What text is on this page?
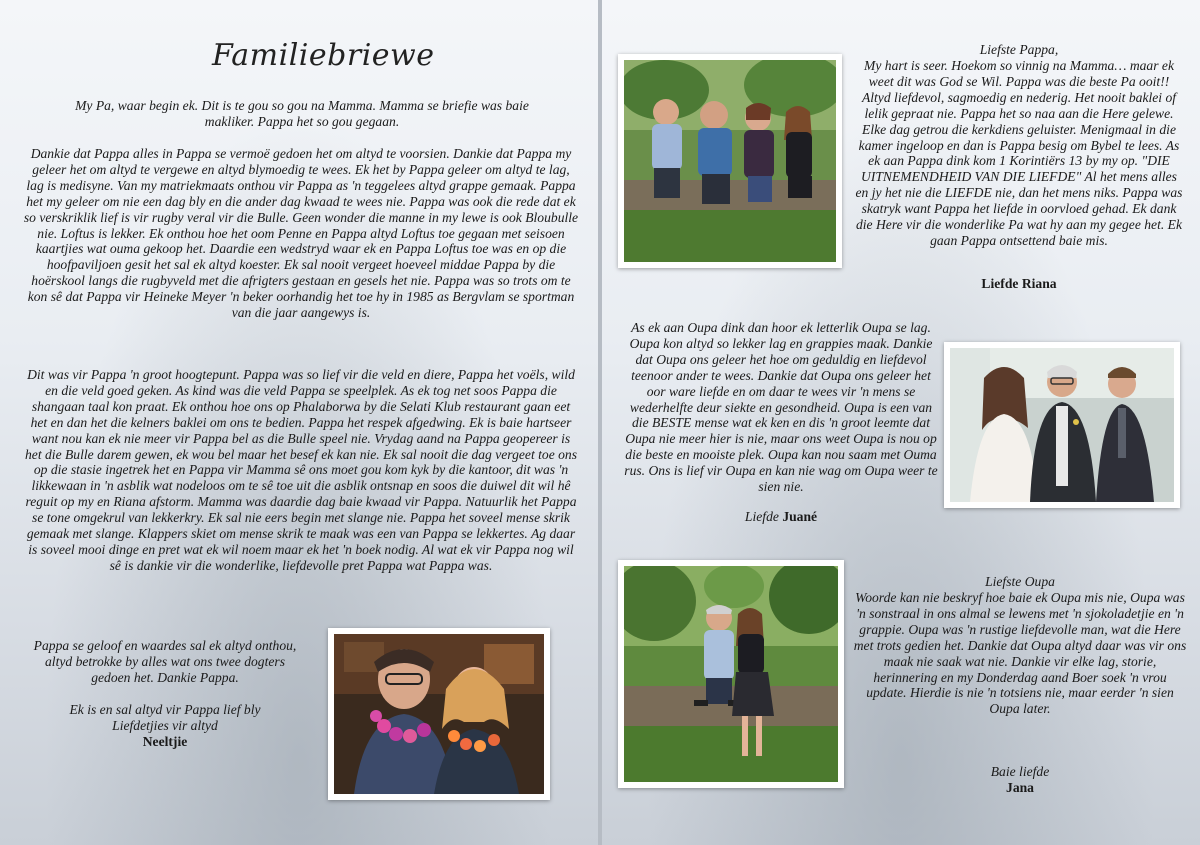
Familiebriewe

My Pa, waar begin ek. Dit is te gou so gou na Mamma. Mamma se briefie was baie makliker. Pappa het so gou gegaan.

Dankie dat Pappa alles in Pappa se vermoë gedoen het om altyd te voorsien. Dankie dat Pappa my geleer het om altyd te vergewe en altyd blymoedig te wees. Ek het by Pappa geleer om altyd te lag, lag is medisyne. Van my matriekmaats onthou vir Pappa as 'n teggelees altyd grappe gemaak. Pappa het my geleer om nie een dag bly en die ander dag kwaad te wees nie. Pappa was ook die rede dat ek so verskriklik lief is vir rugby veral vir die Bulle. Geen wonder die manne in my lewe is ook Bloubulle nie. Loftus is lekker. Ek onthou hoe het oom Penne en Pappa altyd Loftus toe gegaan met seisoen kaartjies wat ouma gekoop het. Daardie een wedstryd waar ek en Pappa Loftus toe was en op die hoofpaviljoen gesit het sal ek altyd koester. Ek sal nooit vergeet hoeveel middae Pappa by die hoërskool langs die rugbyveld met die afrigters gestaan en gesels het nie. Pappa was so trots om te kon sê dat Pappa vir Heineke Meyer 'n beker oorhandig het toe hy in 1985 as Bergvlam se sportman van die jaar aangewys is.

Dit was vir Pappa 'n groot hoogtepunt. Pappa was so lief vir die veld en diere, Pappa het voëls, wild en die veld goed geken. As kind was die veld Pappa se speelplek. As ek tog net soos Pappa die shangaan taal kon praat. Ek onthou hoe ons op Phalaborwa by die Selati Klub restaurant gaan eet het en dan het die kelners baklei om ons te bedien. Pappa het respek afgedwing. Ek is baie hartseer want nou kan ek nie meer vir Pappa bel as die Bulle speel nie. Vrydag aand na Pappa geopereer is het die Bulle darem gewen, ek wou bel maar het besef ek kan nie. Ek sal nooit die dag vergeet toe ons op die stasie ingetrek het en Pappa vir Mamma sê ons moet gou kom kyk by die kantoor, dit was 'n likkewaan in 'n asblik wat nodeloos om te sê toe uit die asblik ontsnap en soos die duiwel dit wil hê reguit op my en Riana afstorm. Mamma was daardie dag baie kwaad vir Pappa. Natuurlik het Pappa se tone omgekrul van lekkerkry. Ek sal nie eers begin met slange nie. Pappa het soveel mense skrik gemaak met slange. Klappers skiet om mense skrik te maak was een van Pappa se lekkertes. Ag daar is soveel mooi dinge en pret wat ek wil noem maar ek het 'n boek nodig. Al wat ek vir Pappa nog wil sê is dankie vir die wonderlike, liefdevolle pret Pappa wat Pappa was.

Pappa se geloof en waardes sal ek altyd onthou, altyd betrokke by alles wat ons twee dogters gedoen het. Dankie Pappa.

Ek is en sal altyd vir Pappa lief bly Liefdetjies vir altyd

Neeltjie

Liefste Pappa,

My hart is seer. Hoekom so vinnig na Mamma… maar ek weet dit was God se Wil. Pappa was die beste Pa ooit!! Altyd liefdevol, sagmoedig en nederig. Het nooit baklei of lelik gepraat nie. Pappa het so naa aan die Here gelewe. Elke dag getrou die kerkdiens geluister. Menigmaal in die kamer ingeloop en dan is Pappa besig om Bybel te lees. As ek aan Pappa dink kom 1 Korintiërs 13 by my op. "DIE UITNEMENDHEID VAN DIE LIEFDE" Al het mens alles en jy het nie die LIEFDE nie, dan het mens niks. Pappa was skatryk want Pappa het liefde in oorvloed gehad. Ek dank die Here vir die wonderlike Pa wat hy aan my gegee het. Ek gaan Pappa ontsettend baie mis.

Liefde Riana

As ek aan Oupa dink dan hoor ek letterlik Oupa se lag. Oupa kon altyd so lekker lag en grappies maak. Dankie dat Oupa ons geleer het hoe om geduldig en liefdevol teenoor ander te wees. Dankie dat Oupa ons geleer het oor ware liefde en om daar te wees vir 'n mens se wederhelfte deur siekte en gesondheid. Oupa is een van die BESTE mense wat ek ken en dis 'n groot leemte dat Oupa nie meer hier is nie, maar ons weet Oupa is nou op die beste en mooiste plek. Oupa kan nou saam met Ouma rus. Ons is lief vir Oupa en kan nie wag om Oupa weer te sien nie.

Liefde Juané

Liefste Oupa

Woorde kan nie beskryf hoe baie ek Oupa mis nie, Oupa was 'n sonstraal in ons almal se lewens met 'n sjokoladetjie en 'n grappie. Oupa was 'n rustige liefdevolle man, wat die Here met trots gedien het. Dankie dat Oupa altyd daar was vir ons maak nie saak wat nie. Dankie vir elke lag, storie, herinnering en my Donderdag aand Boer soek 'n vrou update. Hierdie is nie 'n totsiens nie, maar eerder 'n sien Oupa later.

Baie liefde

Jana
